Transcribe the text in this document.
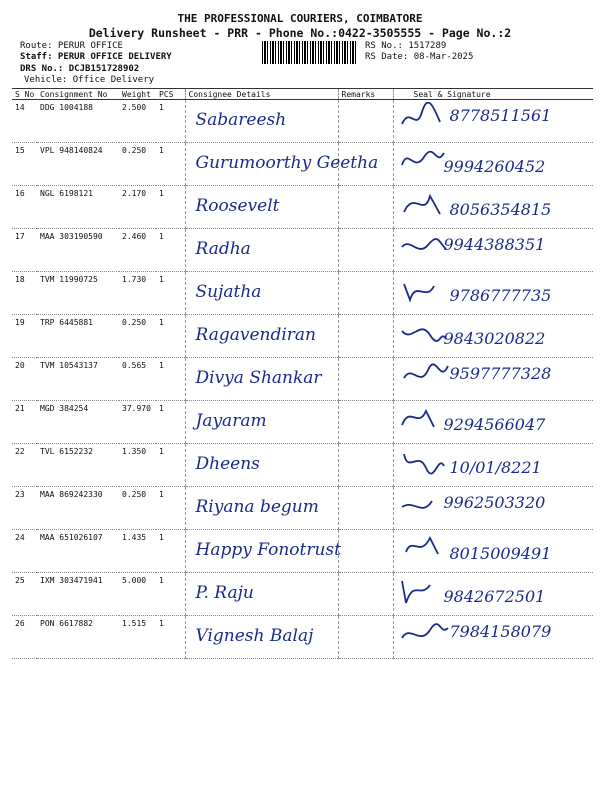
THE PROFESSIONAL COURIERS, COIMBATORE
Delivery Runsheet - PRR - Phone No.:0422-3505555 - Page No.:2
Route: PERUR OFFICE
Staff: PERUR OFFICE DELIVERY
DRS No.: DCJB151728902
Vehicle: Office Delivery
RS No.: 1517289
RS Date: 08-Mar-2025
S No	Consignment No	Weight	PCS	Consignee Details	Remarks	Seal & Signature
14	DDG 1004188	2.500	1	Sabareesh		8778511561

15	VPL 948140824	0.250	1	Gurumoorthy Geetha		9994260452

16	NGL 6198121	2.170	1	Roosevelt		8056354815

17	MAA 303190590	2.460	1	Radha		9944388351

18	TVM 11990725	1.730	1	Sujatha		9786777735

19	TRP 6445881	0.250	1	Ragavendiran		9843020822

20	TVM 10543137	0.565	1	Divya Shankar		9597777328

21	MGD 384254	37.970	1	Jayaram		9294566047

22	TVL 6152232	1.350	1	Dheens		10/01/8221

23	MAA 869242330	0.250	1	Riyana begum		9962503320

24	MAA 651026107	1.435	1	Happy Fonotrust		8015009491

25	IXM 303471941	5.000	1	P. Raju		9842672501

26	PON 6617882	1.515	1	Vignesh Balaj		7984158079
